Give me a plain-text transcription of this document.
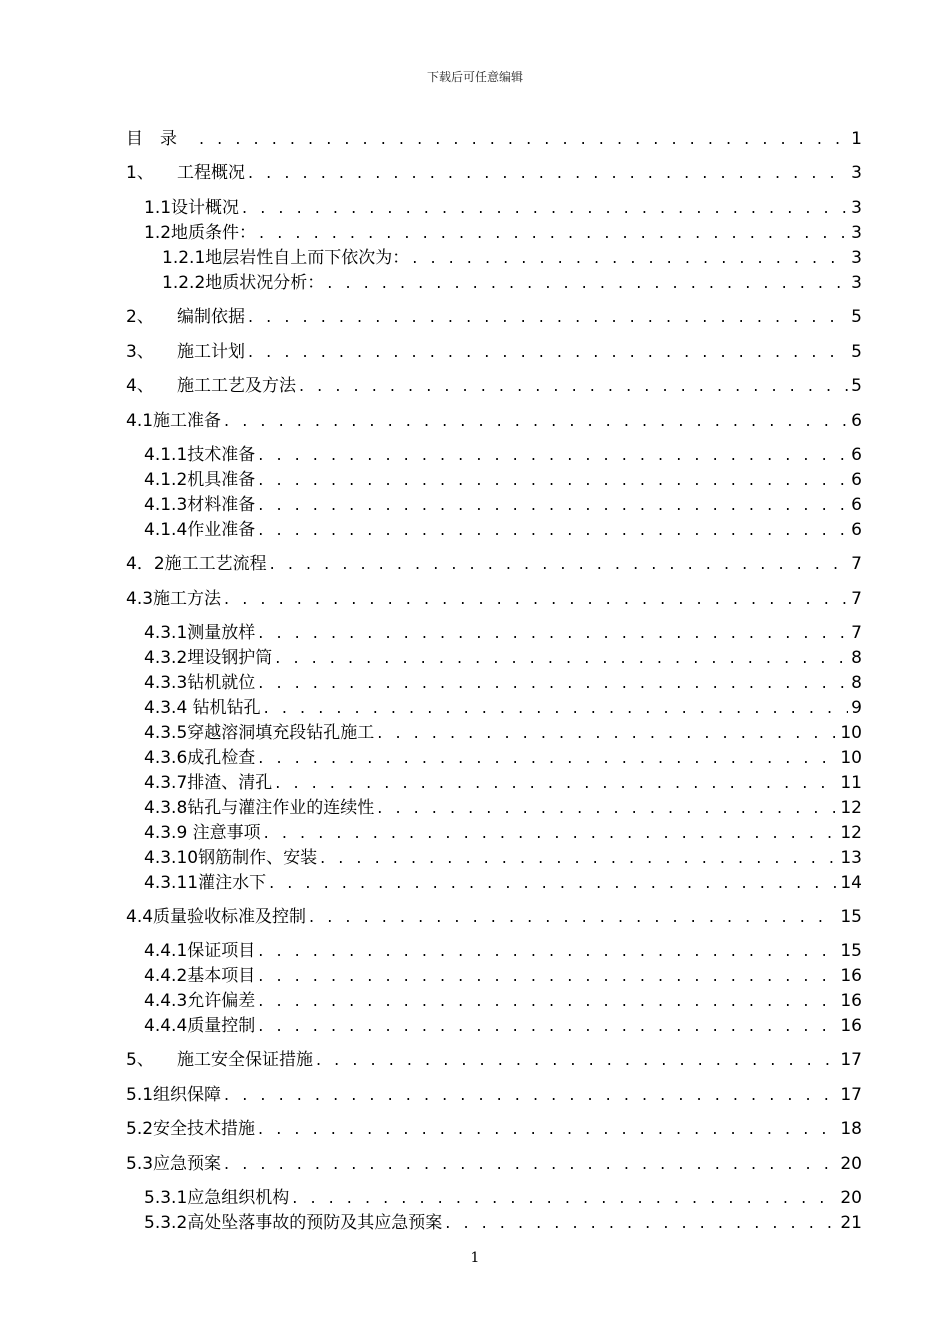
下载后可任意编辑
目　录 . . .	1
1、	工程概况 . . .	3
1.1设计概况 . . .	3
1.2地质条件： . . .	3
1.2.1地层岩性自上而下依次为： . . .	3
1.2.2地质状况分析： . . .	3
2、	编制依据 . . .	5
3、	施工计划 . . .	5
4、	施工工艺及方法 . . .	5
4.1施工准备 . . .	6
4.1.1技术准备 . . .	6
4.1.2机具准备 . . .	6
4.1.3材料准备 . . .	6
4.1.4作业准备 . . .	6
4．2施工工艺流程 . . .	7
4.3施工方法 . . .	7
4.3.1测量放样 . . .	7
4.3.2埋设钢护筒 . . .	8
4.3.3钻机就位 . . .	8
4.3.4 钻机钻孔 . . .	9
4.3.5穿越溶洞填充段钻孔施工 . . .	10
4.3.6成孔检查 . . .	10
4.3.7排渣、清孔 . . .	11
4.3.8钻孔与灌注作业的连续性 . . .	12
4.3.9 注意事项 . . .	12
4.3.10钢筋制作、安装 . . .	13
4.3.11灌注水下 . . .	14
4.4质量验收标准及控制 . . .	15
4.4.1保证项目 . . .	15
4.4.2基本项目 . . .	16
4.4.3允许偏差 . . .	16
4.4.4质量控制 . . .	16
5、	施工安全保证措施 . . .	17
5.1组织保障 . . .	17
5.2安全技术措施 . . .	18
5.3应急预案 . . .	20
5.3.1应急组织机构 . . .	20
5.3.2高处坠落事故的预防及其应急预案 . . .	21
1
